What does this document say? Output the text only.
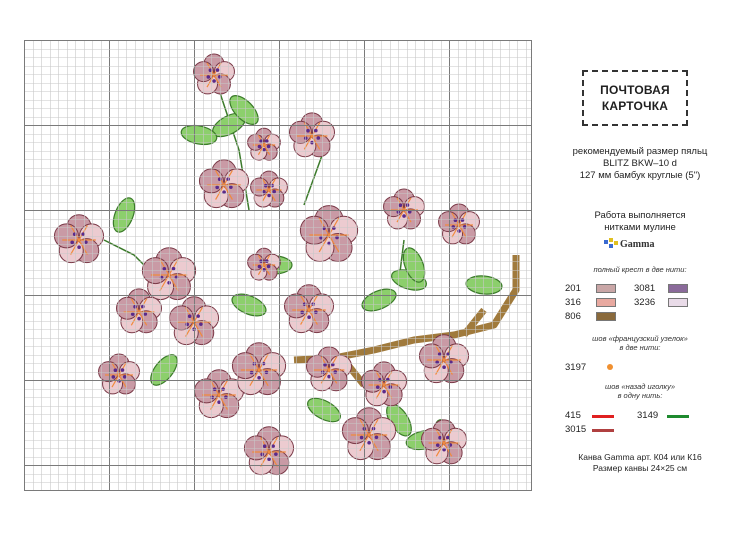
ПОЧТОВАЯ
КАРТОЧКА
рекомендуемый размер пяльц
BLITZ BKW–10 d
127 мм бамбук круглые (5")
Работа выполняется
нитками мулине
Gamma
полный крест в две нити:
201	3081
316	3236
806
шов «французский узелок»
в две нити:
3197
шов «назад иголку»
в одну нить:
415	3149
3015
Канва Gamma арт. К04 или К16
Размер канвы 24×25 см
